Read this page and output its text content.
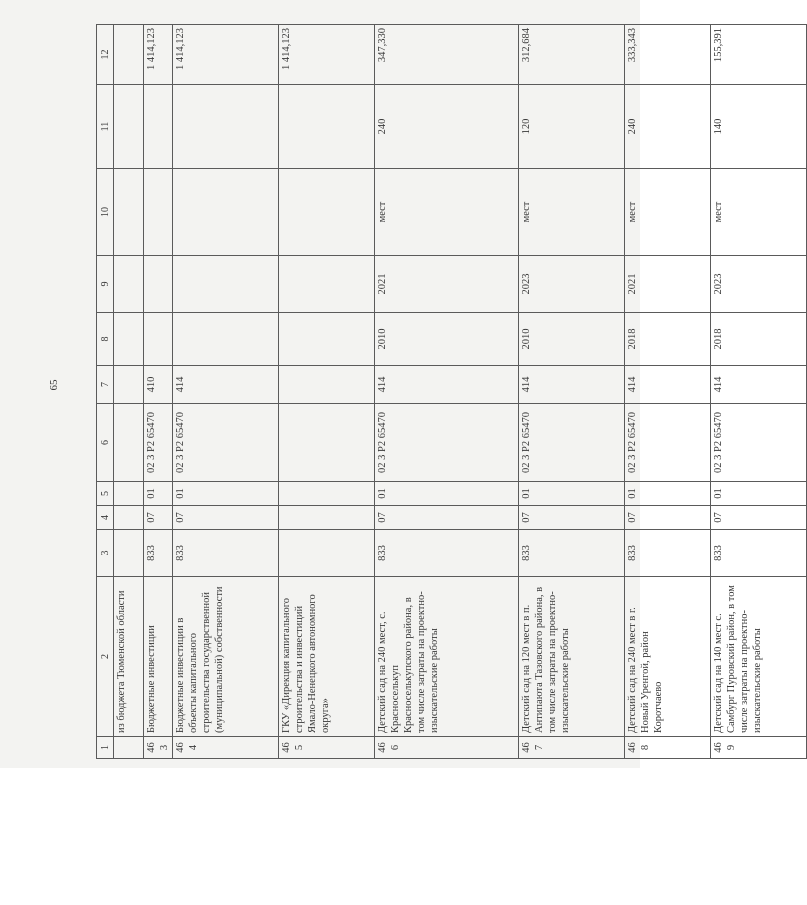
65
1	2	3	4	5	6	7	8	9	10	11	12
	из бюджета Тюменской области										
463	Бюджетные инвестиции	833	07	01	02 3 P2 65470	410					1 414,123
464	Бюджетные инвестиции в объекты капитального строительства государственной (муниципальной) собственности	833	07	01	02 3 P2 65470	414					1 414,123
465	ГКУ «Дирекция капитального строительства и инвестиций Ямало-Ненецкого автономного округа»										1 414,123
466	Детский сад на 240 мест, с. Красноселькуп Красноселькупского района, в том числе затраты на проектно-изыскательские работы	833	07	01	02 3 P2 65470	414	2010	2021	мест	240	347,330
467	Детский сад на 120 мест в п. Антипаюта Тазовского района, в том числе затраты на проектно-изыскательские работы	833	07	01	02 3 P2 65470	414	2010	2023	мест	120	312,684
468	Детский сад на 240 мест в г. Новый Уренгой, район Коротчаево	833	07	01	02 3 P2 65470	414	2018	2021	мест	240	333,343
469	Детский сад на 140 мест с. Самбург Пуровский район, в том числе затраты на проектно-изыскательские работы	833	07	01	02 3 P2 65470	414	2018	2023	мест	140	155,391
